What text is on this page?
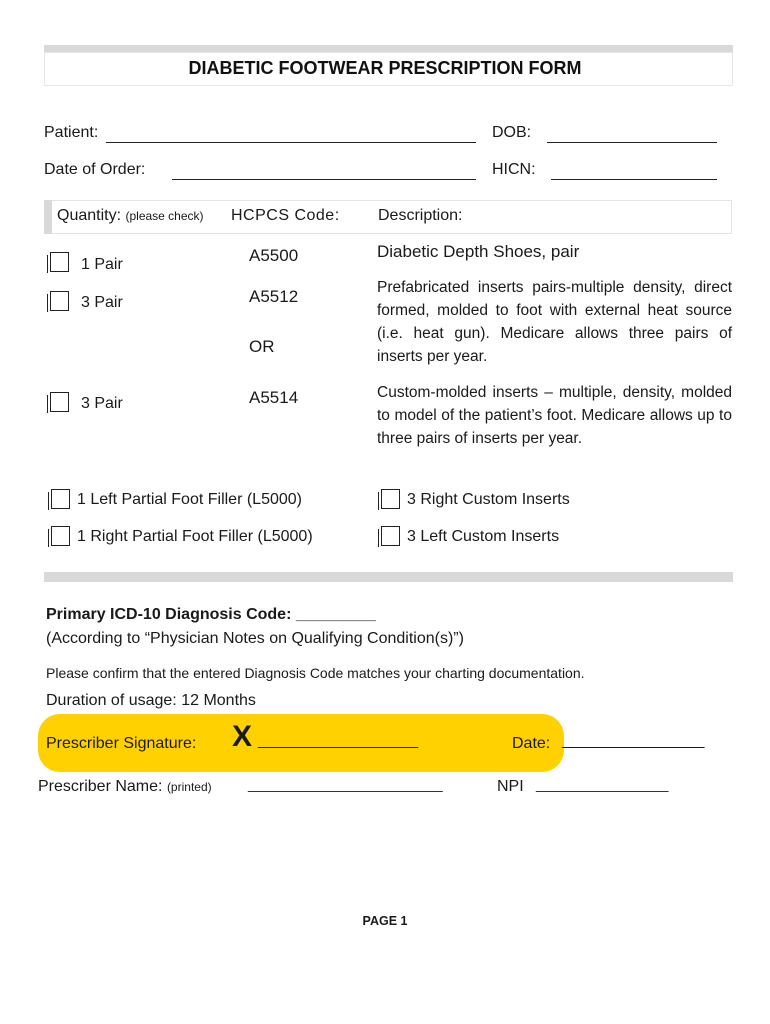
DIABETIC FOOTWEAR PRESCRIPTION FORM
Patient:	DOB:
Date of Order:	HICN:
Quantity: (please check) HCPCS Code: Description:
1 Pair	A5500	Diabetic Depth Shoes, pair
3 Pair	A5512	Prefabricated inserts pairs-multiple density, direct formed, molded to foot with external heat source (i.e. heat gun). Medicare allows three pairs of inserts per year.
OR
3 Pair	A5514	Custom-molded inserts – multiple, density, molded to model of the patient’s foot. Medicare allows up to three pairs of inserts per year.
1 Left Partial Foot Filler (L5000)	3 Right Custom Inserts
1 Right Partial Foot Filler (L5000)	3 Left Custom Inserts
Primary ICD-10 Diagnosis Code: _________
(According to “Physician Notes on Qualifying Condition(s)”)
Please confirm that the entered Diagnosis Code matches your charting documentation.
Duration of usage: 12 Months
Prescriber Signature: X __________________	Date: ________________
Prescriber Name: (printed)	_________________________	NPI _________________
PAGE 1
